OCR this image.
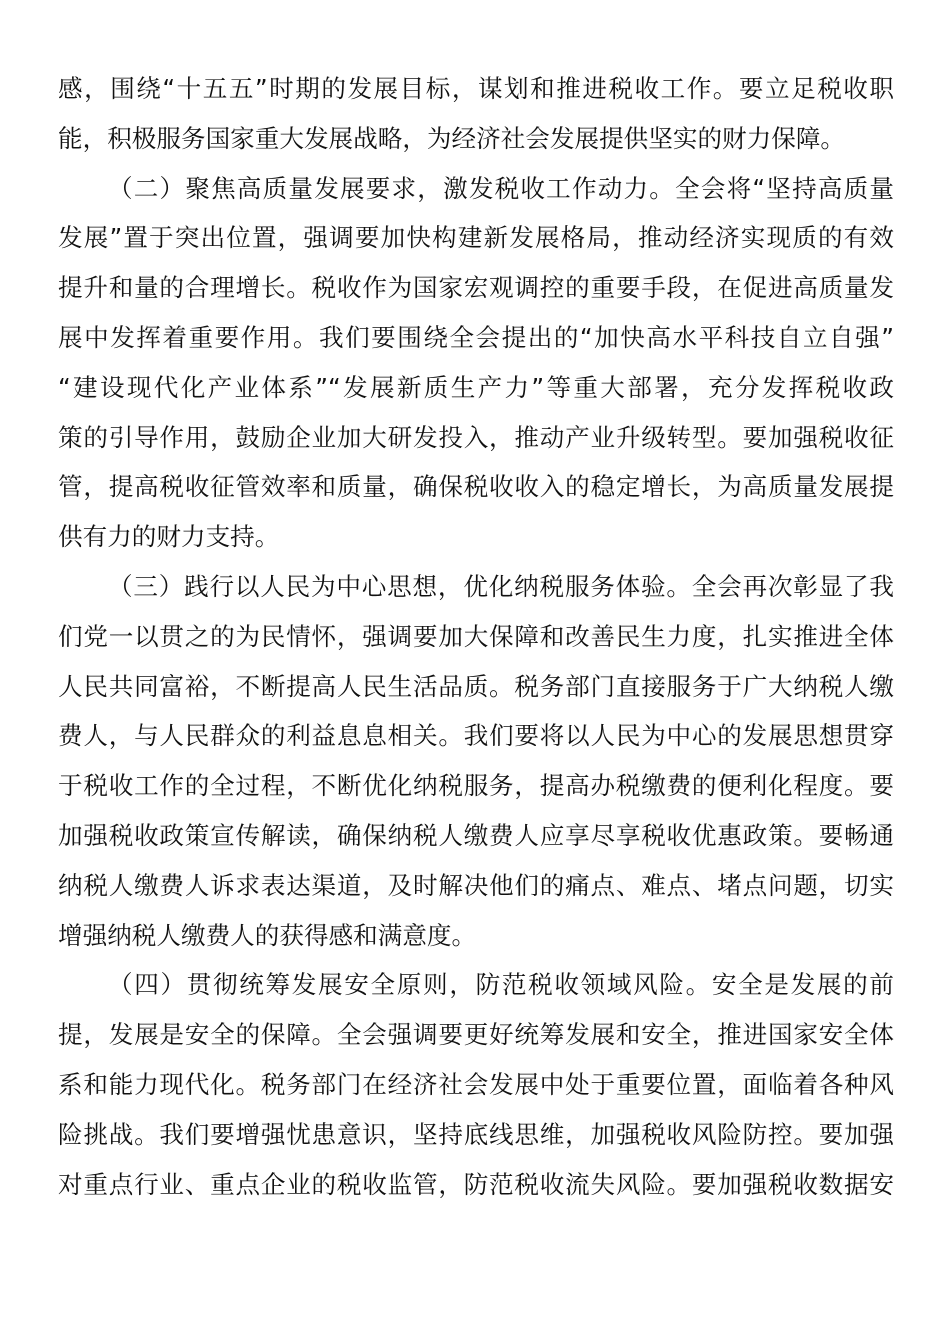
感，围绕“十五五”时期的发展目标，谋划和推进税收工作。要立足税收职
能，积极服务国家重大发展战略，为经济社会发展提供坚实的财力保障。
（二）聚焦高质量发展要求，激发税收工作动力。全会将“坚持高质量
发展”置于突出位置，强调要加快构建新发展格局，推动经济实现质的有效
提升和量的合理增长。税收作为国家宏观调控的重要手段，在促进高质量发
展中发挥着重要作用。我们要围绕全会提出的“加快高水平科技自立自强”
“建设现代化产业体系”“发展新质生产力”等重大部署，充分发挥税收政
策的引导作用，鼓励企业加大研发投入，推动产业升级转型。要加强税收征
管，提高税收征管效率和质量，确保税收收入的稳定增长，为高质量发展提
供有力的财力支持。
（三）践行以人民为中心思想，优化纳税服务体验。全会再次彰显了我
们党一以贯之的为民情怀，强调要加大保障和改善民生力度，扎实推进全体
人民共同富裕，不断提高人民生活品质。税务部门直接服务于广大纳税人缴
费人，与人民群众的利益息息相关。我们要将以人民为中心的发展思想贯穿
于税收工作的全过程，不断优化纳税服务，提高办税缴费的便利化程度。要
加强税收政策宣传解读，确保纳税人缴费人应享尽享税收优惠政策。要畅通
纳税人缴费人诉求表达渠道，及时解决他们的痛点、难点、堵点问题，切实
增强纳税人缴费人的获得感和满意度。
（四）贯彻统筹发展安全原则，防范税收领域风险。安全是发展的前
提，发展是安全的保障。全会强调要更好统筹发展和安全，推进国家安全体
系和能力现代化。税务部门在经济社会发展中处于重要位置，面临着各种风
险挑战。我们要增强忧患意识，坚持底线思维，加强税收风险防控。要加强
对重点行业、重点企业的税收监管，防范税收流失风险。要加强税收数据安
